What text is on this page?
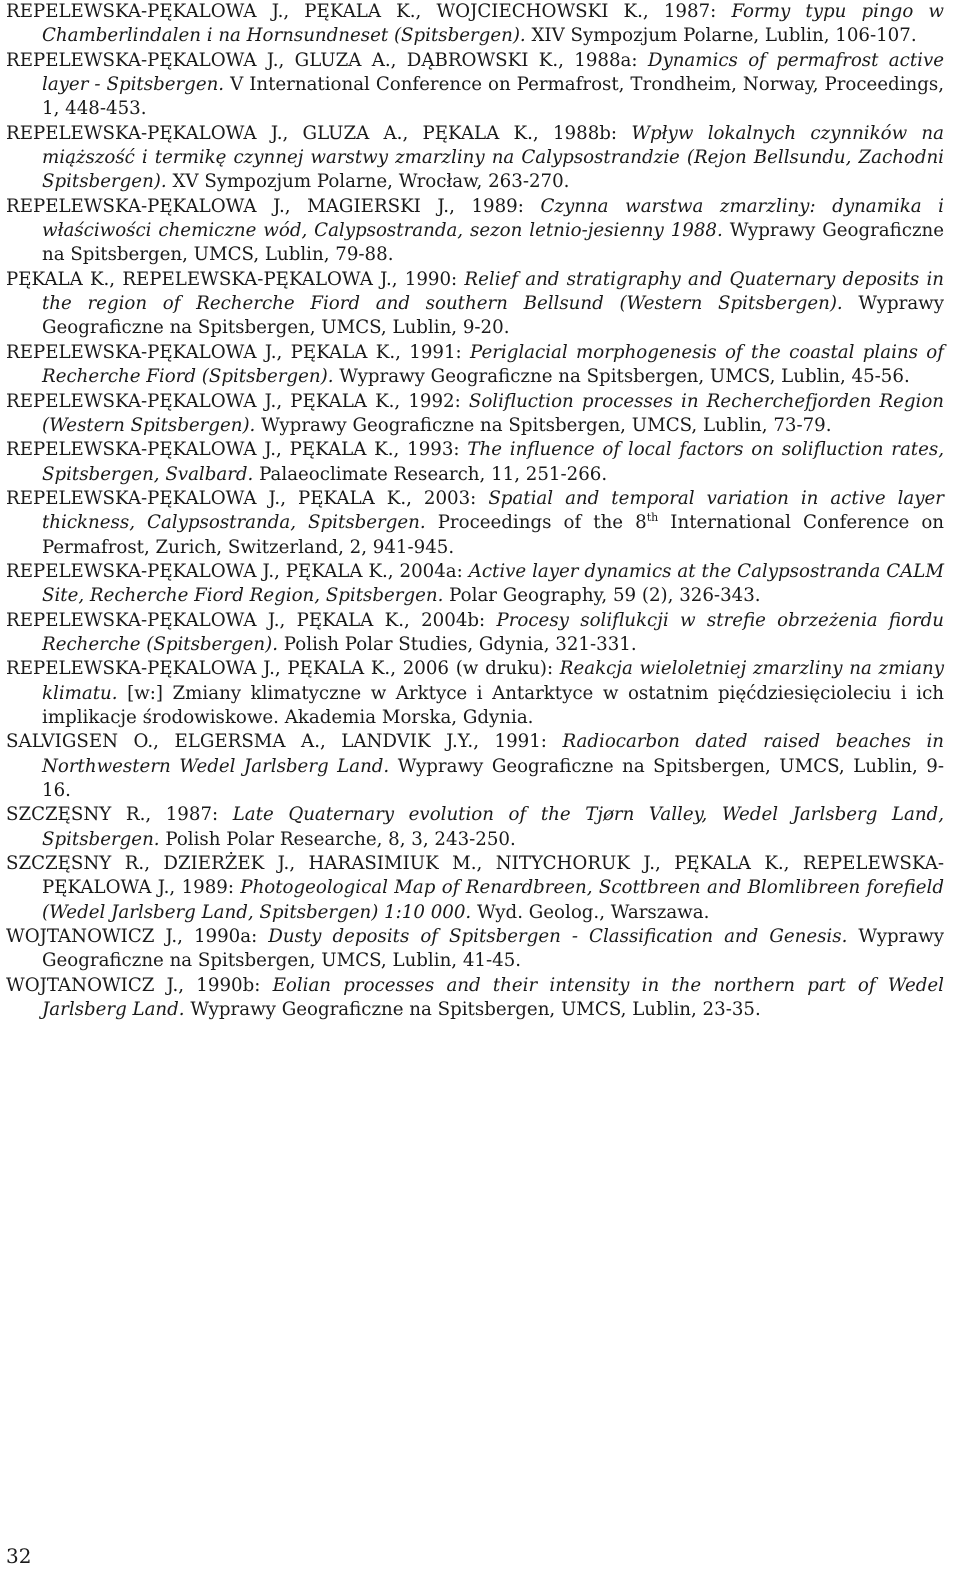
REPELEWSKA-PĘKALOWA J., PĘKALA K., WOJCIECHOWSKI K., 1987: Formy typu pingo w Chamberlindalen i na Hornsundneset (Spitsbergen). XIV Sympozjum Polarne, Lublin, 106-107.

REPELEWSKA-PĘKALOWA J., GLUZA A., DĄBROWSKI K., 1988a: Dynamics of permafrost active layer - Spitsbergen. V International Conference on Permafrost, Trondheim, Norway, Proceedings, 1, 448-453.

REPELEWSKA-PĘKALOWA J., GLUZA A., PĘKALA K., 1988b: Wpływ lokalnych czynników na miąższość i termikę czynnej warstwy zmarzliny na Calypsostrandzie (Rejon Bellsundu, Zachodni Spitsbergen). XV Sympozjum Polarne, Wrocław, 263-270.

REPELEWSKA-PĘKALOWA J., MAGIERSKI J., 1989: Czynna warstwa zmarzliny: dynamika i właściwości chemiczne wód, Calypsostranda, sezon letnio-jesienny 1988. Wyprawy Geograficzne na Spitsbergen, UMCS, Lublin, 79-88.

PĘKALA K., REPELEWSKA-PĘKALOWA J., 1990: Relief and stratigraphy and Quaternary deposits in the region of Recherche Fiord and southern Bellsund (Western Spitsbergen). Wyprawy Geograficzne na Spitsbergen, UMCS, Lublin, 9-20.

REPELEWSKA-PĘKALOWA J., PĘKALA K., 1991: Periglacial morphogenesis of the coastal plains of Recherche Fiord (Spitsbergen). Wyprawy Geograficzne na Spitsbergen, UMCS, Lublin, 45-56.

REPELEWSKA-PĘKALOWA J., PĘKALA K., 1992: Solifluction processes in Recherchefjorden Region (Western Spitsbergen). Wyprawy Geograficzne na Spitsbergen, UMCS, Lublin, 73-79.

REPELEWSKA-PĘKALOWA J., PĘKALA K., 1993: The influence of local factors on solifluction rates, Spitsbergen, Svalbard. Palaeoclimate Research, 11, 251-266.

REPELEWSKA-PĘKALOWA J., PĘKALA K., 2003: Spatial and temporal variation in active layer thickness, Calypsostranda, Spitsbergen. Proceedings of the 8th International Conference on Permafrost, Zurich, Switzerland, 2, 941-945.

REPELEWSKA-PĘKALOWA J., PĘKALA K., 2004a: Active layer dynamics at the Calypsostranda CALM Site, Recherche Fiord Region, Spitsbergen. Polar Geography, 59 (2), 326-343.

REPELEWSKA-PĘKALOWA J., PĘKALA K., 2004b: Procesy soliflukcji w strefie obrzeżenia fiordu Recherche (Spitsbergen). Polish Polar Studies, Gdynia, 321-331.

REPELEWSKA-PĘKALOWA J., PĘKALA K., 2006 (w druku): Reakcja wieloletniej zmarzliny na zmiany klimatu. [w:] Zmiany klimatyczne w Arktyce i Antarktyce w ostatnim pięćdziesięcioleciu i ich implikacje środowiskowe. Akademia Morska, Gdynia.

SALVIGSEN O., ELGERSMA A., LANDVIK J.Y., 1991: Radiocarbon dated raised beaches in Northwestern Wedel Jarlsberg Land. Wyprawy Geograficzne na Spitsbergen, UMCS, Lublin, 9-16.

SZCZĘSNY R., 1987: Late Quaternary evolution of the Tjørn Valley, Wedel Jarlsberg Land, Spitsbergen. Polish Polar Researche, 8, 3, 243-250.

SZCZĘSNY R., DZIERŻEK J., HARASIMIUK M., NITYCHORUK J., PĘKALA K., REPELEWSKA-PĘKALOWA J., 1989: Photogeological Map of Renardbreen, Scottbreen and Blomlibreen forefield (Wedel Jarlsberg Land, Spitsbergen) 1:10 000. Wyd. Geolog., Warszawa.

WOJTANOWICZ J., 1990a: Dusty deposits of Spitsbergen - Classification and Genesis. Wyprawy Geograficzne na Spitsbergen, UMCS, Lublin, 41-45.

WOJTANOWICZ J., 1990b: Eolian processes and their intensity in the northern part of Wedel Jarlsberg Land. Wyprawy Geograficzne na Spitsbergen, UMCS, Lublin, 23-35.

32
